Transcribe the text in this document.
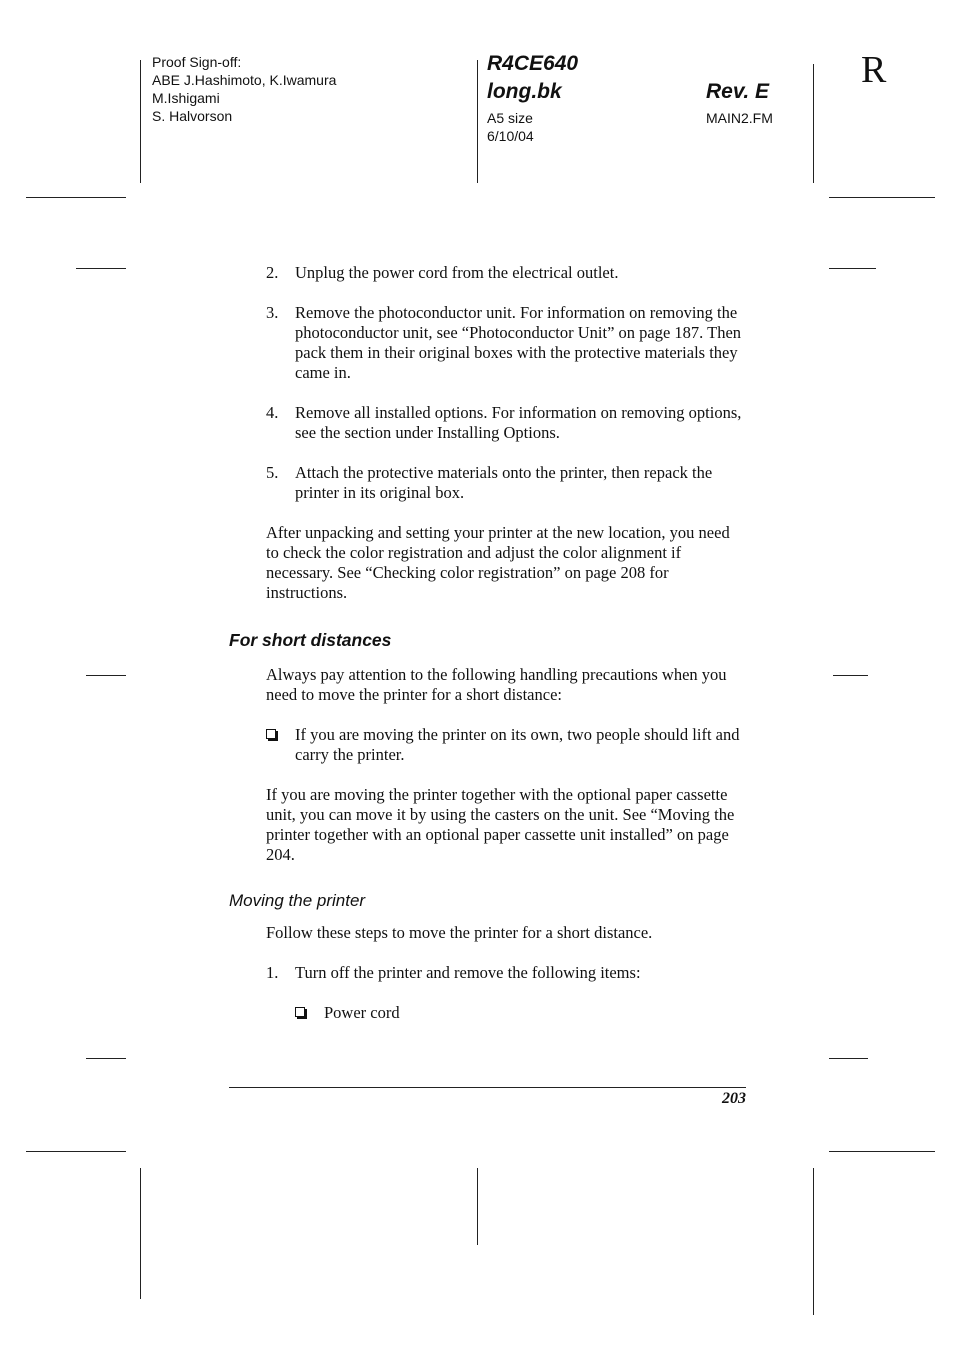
Proof Sign-off:
ABE J.Hashimoto, K.Iwamura
M.Ishigami
S. Halvorson
R4CE640
long.bk
A5 size
6/10/04
Rev. E
MAIN2.FM
R
2. Unplug the power cord from the electrical outlet.
3. Remove the photoconductor unit. For information on removing the photoconductor unit, see “Photoconductor Unit” on page 187. Then pack them in their original boxes with the protective materials they came in.
4. Remove all installed options. For information on removing options, see the section under Installing Options.
5. Attach the protective materials onto the printer, then repack the printer in its original box.
After unpacking and setting your printer at the new location, you need to check the color registration and adjust the color alignment if necessary. See “Checking color registration” on page 208 for instructions.
For short distances
Always pay attention to the following handling precautions when you need to move the printer for a short distance:
If you are moving the printer on its own, two people should lift and carry the printer.
If you are moving the printer together with the optional paper cassette unit, you can move it by using the casters on the unit. See “Moving the printer together with an optional paper cassette unit installed” on page 204.
Moving the printer
Follow these steps to move the printer for a short distance.
1. Turn off the printer and remove the following items:
Power cord
203
